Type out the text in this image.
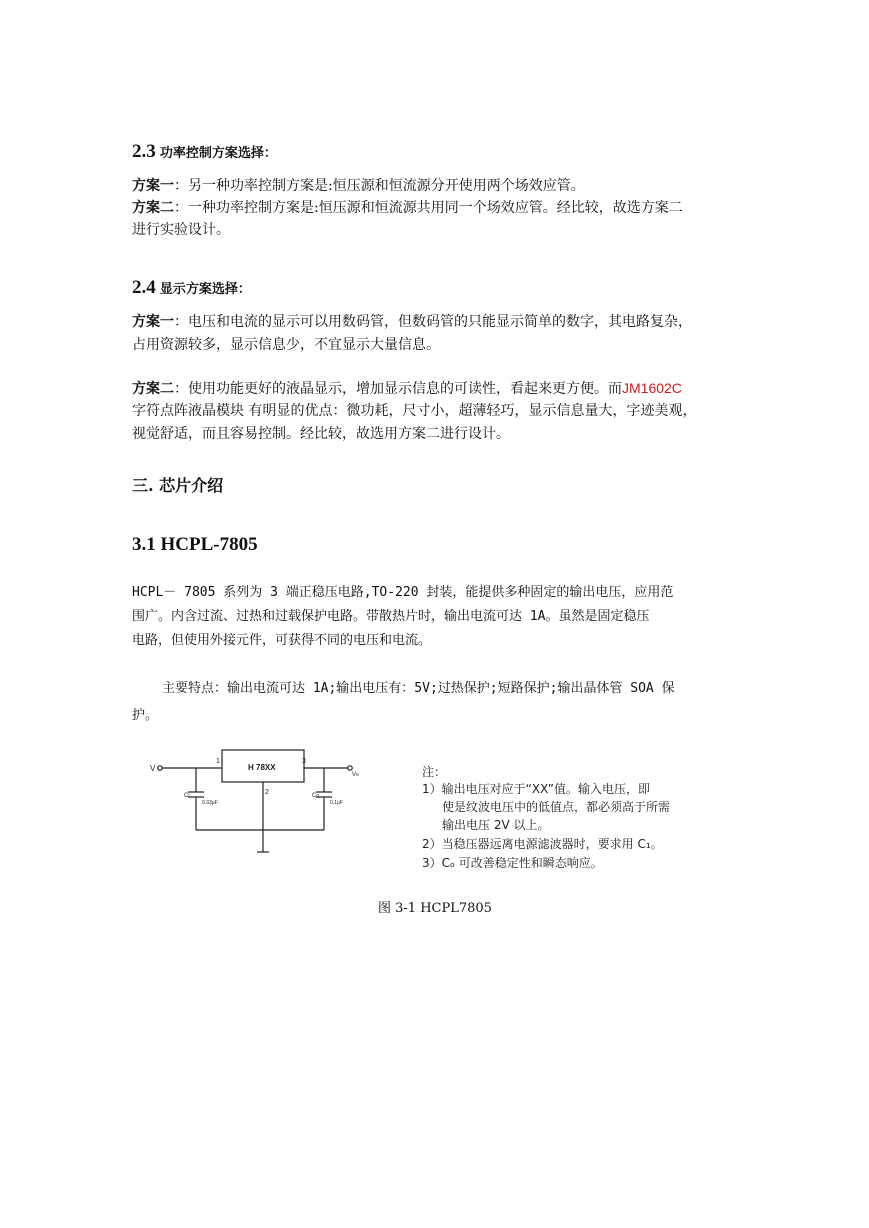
2.3 功率控制方案选择：
方案一：另一种功率控制方案是:恒压源和恒流源分开使用两个场效应管。
方案二：一种功率控制方案是:恒压源和恒流源共用同一个场效应管。经比较，故选方案二
进行实验设计。
2.4 显示方案选择：
方案一：电压和电流的显示可以用数码管，但数码管的只能显示简单的数字，其电路复杂，
占用资源较多，显示信息少，不宜显示大量信息。
方案二：使用功能更好的液晶显示，增加显示信息的可读性，看起来更方便。而JM1602C
字符点阵液晶模块 有明显的优点：微功耗，尺寸小，超薄轻巧，显示信息量大，字迹美观，
视觉舒适，而且容易控制。经比较，故选用方案二进行设计。
三. 芯片介绍
3.1 HCPL-7805
HCPL－ 7805 系列为 3 端正稳压电路,TO-220 封装，能提供多种固定的输出电压，应用范
围广。内含过流、过热和过载保护电路。带散热片时，输出电流可达 1A。虽然是固定稳压
电路，但使用外接元件，可获得不同的电压和电流。
主要特点：输出电流可达 1A;输出电压有：5V;过热保护;短路保护;输出晶体管 SOA 保
护。
H 78XX
V
Vo
1
2
3
Ci
0.33μF
Co
0.1μF
注：
1）输出电压对应于“XX”值。输入电压，即
使是纹波电压中的低值点，都必须高于所需
输出电压 2V 以上。
2）当稳压器远离电源滤波器时，要求用 C₁。
3）Cₒ 可改善稳定性和瞬态响应。
图 3-1 HCPL7805
